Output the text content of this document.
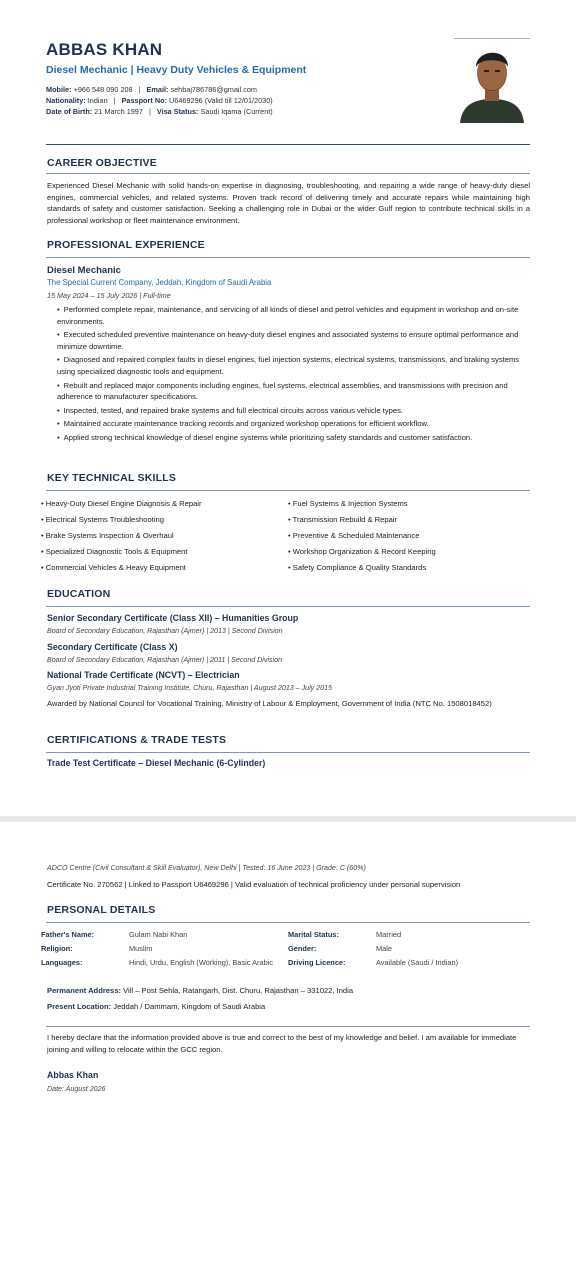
ABBAS KHAN
Diesel Mechanic | Heavy Duty Vehicles & Equipment
Mobile: +966 548 090 208 | Email: sehbaj786786@gmail.com
Nationality: Indian | Passport No: U6469296 (Valid till 12/01/2030)
Date of Birth: 21 March 1997 | Visa Status: Saudi Iqama (Current)
CAREER OBJECTIVE
Experienced Diesel Mechanic with solid hands-on expertise in diagnosing, troubleshooting, and repairing a wide range of heavy-duty diesel engines, commercial vehicles, and related systems. Proven track record of delivering timely and accurate repairs while maintaining high standards of safety and customer satisfaction. Seeking a challenging role in Dubai or the wider Gulf region to contribute technical skills in a professional workshop or fleet maintenance environment.
PROFESSIONAL EXPERIENCE
Diesel Mechanic
The Special Current Company, Jeddah, Kingdom of Saudi Arabia
15 May 2024 – 15 July 2026 | Full-time
• Performed complete repair, maintenance, and servicing of all kinds of diesel and petrol vehicles and equipment in workshop and on-site environments.
• Executed scheduled preventive maintenance on heavy-duty diesel engines and associated systems to ensure optimal performance and minimize downtime.
• Diagnosed and repaired complex faults in diesel engines, fuel injection systems, electrical systems, transmissions, and braking systems using specialized diagnostic tools and equipment.
• Rebuilt and replaced major components including engines, fuel systems, electrical assemblies, and transmissions with precision and adherence to manufacturer specifications.
• Inspected, tested, and repaired brake systems and full electrical circuits across various vehicle types.
• Maintained accurate maintenance tracking records and organized workshop operations for efficient workflow.
• Applied strong technical knowledge of diesel engine systems while prioritizing safety standards and customer satisfaction.
KEY TECHNICAL SKILLS
• Heavy-Duty Diesel Engine Diagnosis & Repair
• Electrical Systems Troubleshooting
• Brake Systems Inspection & Overhaul
• Specialized Diagnostic Tools & Equipment
• Commercial Vehicles & Heavy Equipment
• Fuel Systems & Injection Systems
• Transmission Rebuild & Repair
• Preventive & Scheduled Maintenance
• Workshop Organization & Record Keeping
• Safety Compliance & Quality Standards
EDUCATION
Senior Secondary Certificate (Class XII) – Humanities Group
Board of Secondary Education, Rajasthan (Ajmer) | 2013 | Second Division
Secondary Certificate (Class X)
Board of Secondary Education, Rajasthan (Ajmer) | 2011 | Second Division
National Trade Certificate (NCVT) – Electrician
Gyan Jyoti Private Industrial Training Institute, Churu, Rajasthan | August 2013 – July 2015
Awarded by National Council for Vocational Training, Ministry of Labour & Employment, Government of India (NTC No. 1508018452)
CERTIFICATIONS & TRADE TESTS
Trade Test Certificate – Diesel Mechanic (6-Cylinder)
ADCO Centre (Civil Consultant & Skill Evaluator), New Delhi | Tested: 16 June 2023 | Grade: C (60%)
Certificate No. 270562 | Linked to Passport U6469296 | Valid evaluation of technical proficiency under personal supervision
PERSONAL DETAILS
Father's Name:	Gulam Nabi Khan
Religion:	Muslim
Languages:	Hindi, Urdu, English (Working), Basic Arabic
Marital Status:	Married
Gender:	Male
Driving Licence:	Available (Saudi / Indian)
Permanent Address: Vill – Post Sehla, Ratangarh, Dist. Churu, Rajasthan – 331022, India
Present Location: Jeddah / Dammam, Kingdom of Saudi Arabia
I hereby declare that the information provided above is true and correct to the best of my knowledge and belief. I am available for immediate joining and willing to relocate within the GCC region.
Abbas Khan
Date: August 2026
